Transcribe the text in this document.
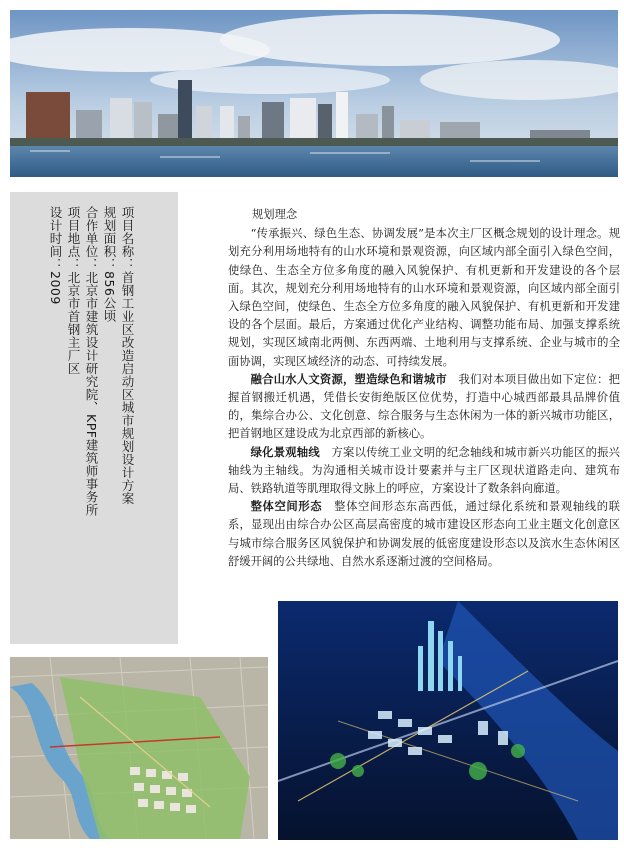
项目名称：首钢工业区改造启动区城市规划设计方案
规划面积：856公顷
合作单位：北京市建筑设计研究院、KPF建筑师事务所
项目地点：北京市首钢主厂区
设计时间：2009

规划理念

“传承振兴、绿色生态、协调发展”是本次主厂区概念规划的设计理念。规划充分利用场地特有的山水环境和景观资源，向区域内部全面引入绿色空间，使绿色、生态全方位多角度的融入风貌保护、有机更新和开发建设的各个层面。其次，规划充分利用场地特有的山水环境和景观资源，向区域内部全面引入绿色空间，使绿色、生态全方位多角度的融入风貌保护、有机更新和开发建设的各个层面。最后，方案通过优化产业结构、调整功能布局、加强支撑系统规划，实现区域南北两侧、东西两端、土地利用与支撑系统、企业与城市的全面协调，实现区域经济的动态、可持续发展。

融合山水人文资源，塑造绿色和谐城市　 我们对本项目做出如下定位：把握首钢搬迁机遇，凭借长安街绝版区位优势，打造中心城西部最具品牌价值的，集综合办公、文化创意、综合服务与生态休闲为一体的新兴城市功能区，把首钢地区建设成为北京西部的新核心。

绿化景观轴线　 方案以传统工业文明的纪念轴线和城市新兴功能区的振兴轴线为主轴线。为沟通相关城市设计要素并与主厂区现状道路走向、建筑布局、铁路轨道等肌理取得文脉上的呼应，方案设计了数条斜向廊道。

整体空间形态　 整体空间形态东高西低，通过绿化系统和景观轴线的联系，显现出由综合办公区高层高密度的城市建设区形态向工业主题文化创意区与城市综合服务区风貌保护和协调发展的低密度建设形态以及滨水生态休闲区舒缓开阔的公共绿地、自然水系逐渐过渡的空间格局。
